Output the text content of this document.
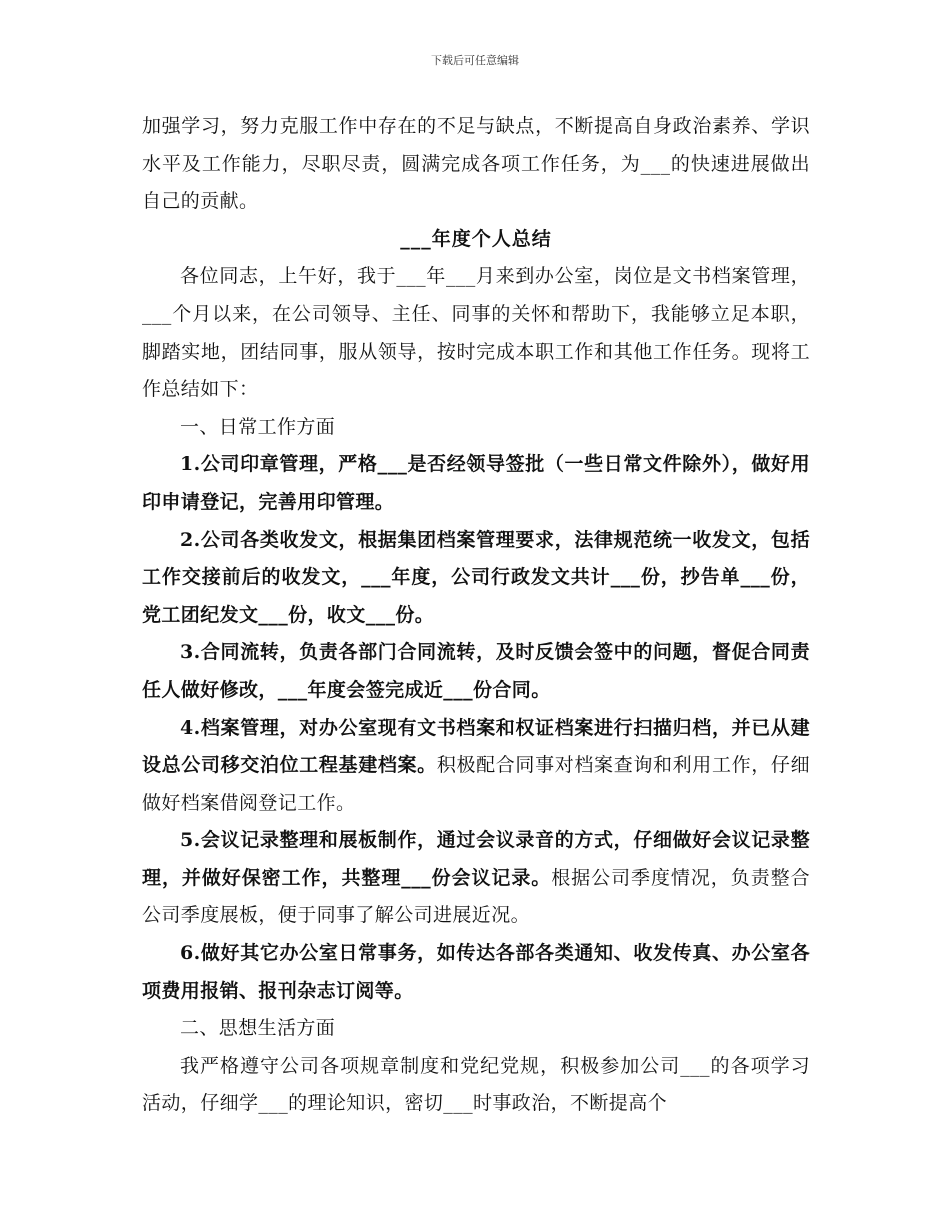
下载后可任意编辑

加强学习，努力克服工作中存在的不足与缺点，不断提高自身政治素养、学识水平及工作能力，尽职尽责，圆满完成各项工作任务，为___的快速进展做出自己的贡献。

___年度个人总结

各位同志，上午好，我于___年___月来到办公室，岗位是文书档案管理，___个月以来，在公司领导、主任、同事的关怀和帮助下，我能够立足本职，脚踏实地，团结同事，服从领导，按时完成本职工作和其他工作任务。现将工作总结如下：

一、日常工作方面

1.公司印章管理，严格___是否经领导签批（一些日常文件除外），做好用印申请登记，完善用印管理。

2.公司各类收发文，根据集团档案管理要求，法律规范统一收发文，包括工作交接前后的收发文，___年度，公司行政发文共计___份，抄告单___份，党工团纪发文___份，收文___份。

3.合同流转，负责各部门合同流转，及时反馈会签中的问题，督促合同责任人做好修改，___年度会签完成近___份合同。

4.档案管理，对办公室现有文书档案和权证档案进行扫描归档，并已从建设总公司移交泊位工程基建档案。积极配合同事对档案查询和利用工作，仔细做好档案借阅登记工作。

5.会议记录整理和展板制作，通过会议录音的方式，仔细做好会议记录整理，并做好保密工作，共整理___份会议记录。根据公司季度情况，负责整合公司季度展板，便于同事了解公司进展近况。

6.做好其它办公室日常事务，如传达各部各类通知、收发传真、办公室各项费用报销、报刊杂志订阅等。

二、思想生活方面

我严格遵守公司各项规章制度和党纪党规，积极参加公司___的各项学习活动，仔细学___的理论知识，密切___时事政治，不断提高个
